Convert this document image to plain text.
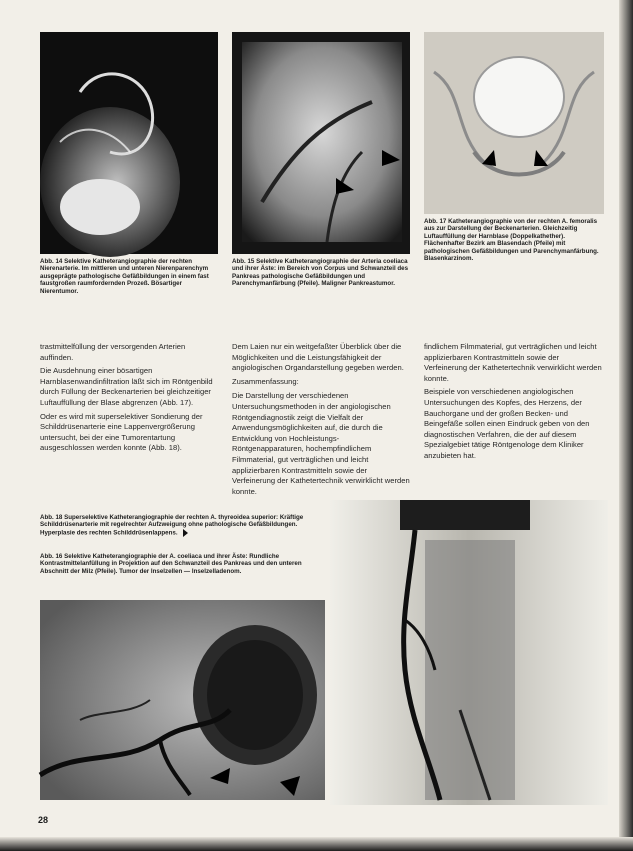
Abb. 14 Selektive Katheterangiographie der rechten Nierenarterie. Im mittleren und unteren Nierenparenchym ausgeprägte pathologische Gefäßbildungen in einem fast faustgroßen raumfordernden Prozeß. Bösartiger Nierentumor.
Abb. 15 Selektive Katheterangiographie der Arteria coeliaca und ihrer Äste: im Bereich von Corpus und Schwanzteil des Pankreas pathologische Gefäßbildungen und Parenchymanfärbung (Pfeile). Maligner Pankreastumor.
Abb. 17 Katheterangiographie von der rechten A. femoralis aus zur Darstellung der Beckenarterien. Gleichzeitig Luftauffüllung der Harnblase (Doppelkathether). Flächenhafter Bezirk am Blasendach (Pfeile) mit pathologischen Gefäßbildungen und Parenchymanfärbung. Blasenkarzinom.

trastmittelfüllung der versorgenden Arterien auffinden.

Die Ausdehnung einer bösartigen Harnblasenwandinfiltration läßt sich im Röntgenbild durch Füllung der Beckenarterien bei gleichzeitiger Luftauffüllung der Blase abgrenzen (Abb. 17).

Oder es wird mit superselektiver Sondierung der Schilddrüsenarterie eine Lappenvergrößerung untersucht, bei der eine Tumorentartung ausgeschlossen werden konnte (Abb. 18).

Dem Laien nur ein weitgefaßter Überblick über die Möglichkeiten und die Leistungsfähigkeit der angiologischen Organdarstellung gegeben werden.

Zusammenfassung:

Die Darstellung der verschiedenen Untersuchungsmethoden in der angiologischen Röntgendiagnostik zeigt die Vielfalt der Anwendungsmöglichkeiten auf, die durch die Entwicklung von Hochleistungs-Röntgenapparaturen, hochempfindlichem Filmmaterial, gut verträglichen und leicht applizierbaren Kontrastmitteln sowie der Verfeinerung der Kathetertechnik verwirklicht werden konnte.

findlichem Filmmaterial, gut verträglichen und leicht applizierbaren Kontrastmitteln sowie der Verfeinerung der Kathetertechnik verwirklicht werden konnte.

Beispiele von verschiedenen angiologischen Untersuchungen des Kopfes, des Herzens, der Bauchorgane und der großen Becken- und Beingefäße sollen einen Eindruck geben von den diagnostischen Verfahren, die der auf diesem Spezialgebiet tätige Röntgenologe dem Kliniker anzubieten hat.

Abb. 18 Superselektive Katheterangiographie der rechten A. thyreoidea superior: Kräftige Schilddrüsenarterie mit regelrechter Aufzweigung ohne pathologische Gefäßbildungen. Hyperplasie des rechten Schilddrüsenlappens.
Abb. 16 Selektive Katheterangiographie der A. coeliaca und ihrer Äste: Rundliche Kontrastmittelanfüllung in Projektion auf den Schwanzteil des Pankreas und den unteren Abschnitt der Milz (Pfeile). Tumor der Inselzellen — Inselzelladenom.
28
